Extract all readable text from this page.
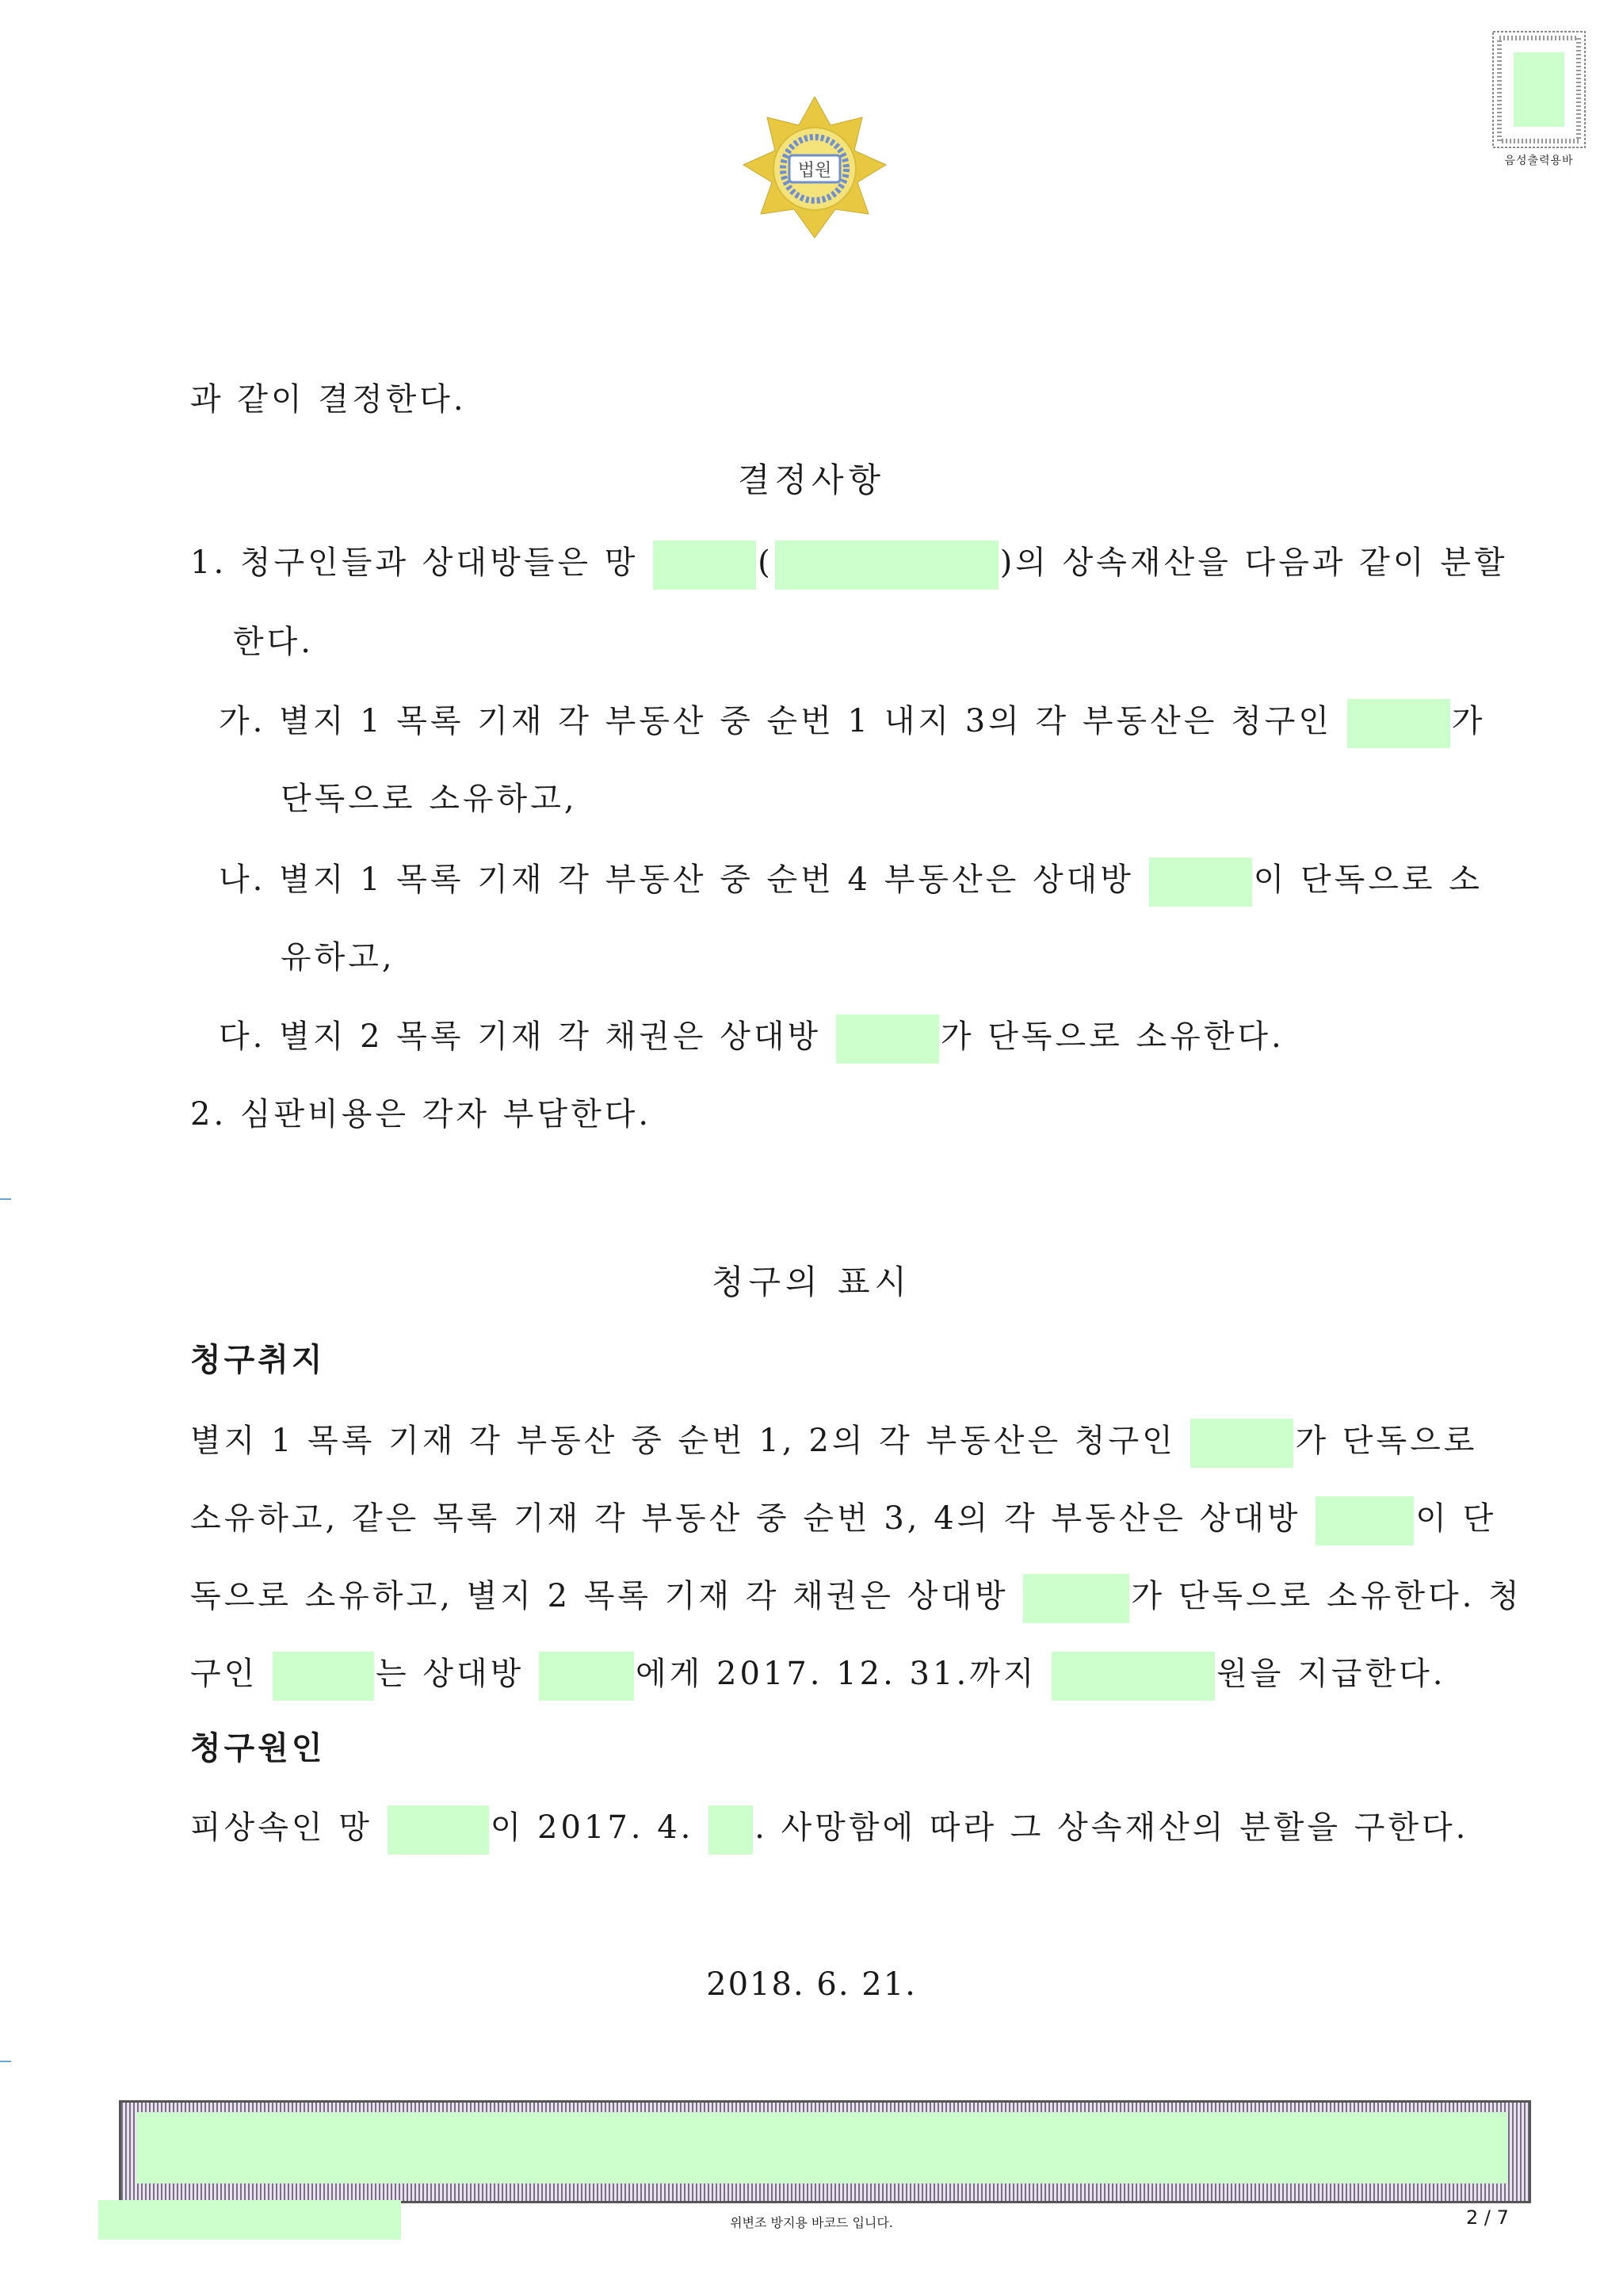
법원	음성출력용바
과 같이 결정한다.
결정사항
1. 청구인들과 상대방들은 망	(	)의 상속재산을 다음과 같이 분할
한다.
가. 별지 1 목록 기재 각 부동산 중 순번 1 내지 3의 각 부동산은 청구인	가
단독으로 소유하고,
나. 별지 1 목록 기재 각 부동산 중 순번 4 부동산은 상대방	이 단독으로 소
유하고,
다. 별지 2 목록 기재 각 채권은 상대방	가 단독으로 소유한다.
2. 심판비용은 각자 부담한다.
청구의 표시
청구취지
별지 1 목록 기재 각 부동산 중 순번 1, 2의 각 부동산은 청구인	가 단독으로
소유하고, 같은 목록 기재 각 부동산 중 순번 3, 4의 각 부동산은 상대방	이 단
독으로 소유하고, 별지 2 목록 기재 각 채권은 상대방	가 단독으로 소유한다. 청
구인	는 상대방	에게 2017. 12. 31.까지	원을 지급한다.
청구원인
피상속인 망	이 2017. 4. . 사망함에 따라 그 상속재산의 분할을 구한다.
2018. 6. 21.
위변조 방지용 바코드 입니다.	2 / 7
